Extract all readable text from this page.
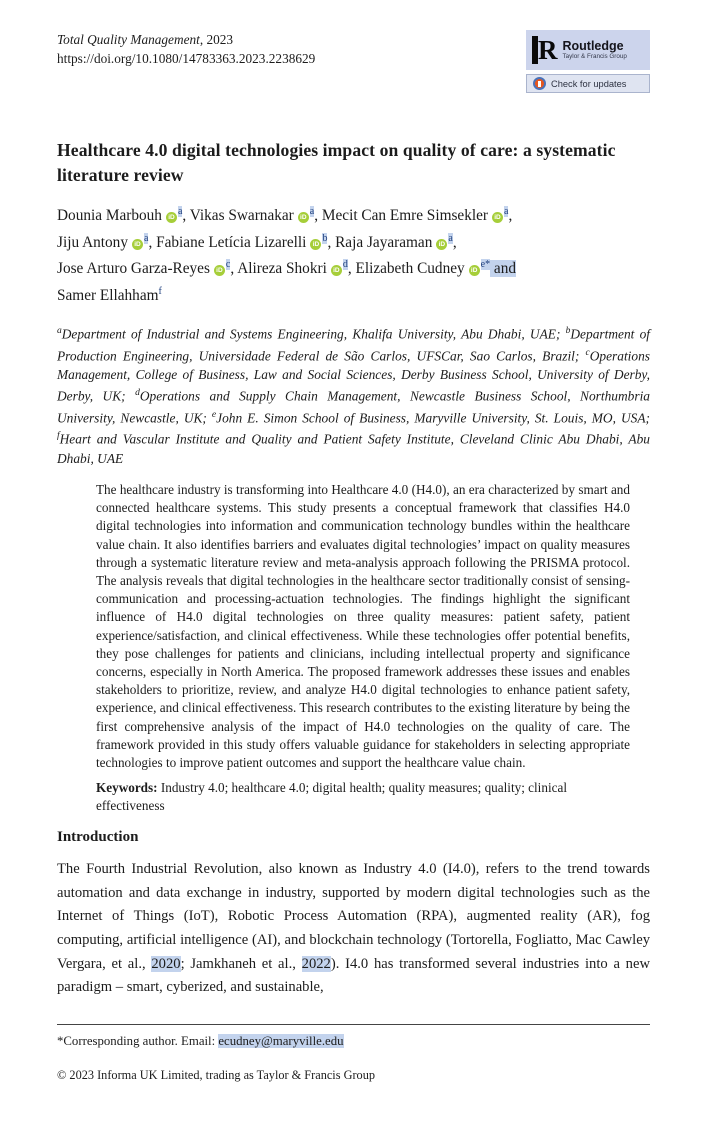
Total Quality Management, 2023
https://doi.org/10.1080/14783363.2023.2238629	R Routledge
Taylor & Francis Group
Check for updates
Healthcare 4.0 digital technologies impact on quality of care: a systematic literature review

Dounia Marbouh iD$^a$, Vikas Swarnakar iD$^a$, Mecit Can Emre Simsekler iD$^a$,
Jiju Antony iD$^a$, Fabiane Letícia Lizarelli iD$^b$, Raja Jayaraman iD$^a$,
Jose Arturo Garza-Reyes iD$^c$, Alireza Shokri iD$^d$, Elizabeth Cudney iD$^{e*}$ and
Samer Ellahham$^f$

$^a$Department of Industrial and Systems Engineering, Khalifa University, Abu Dhabi, UAE; $^b$Department of Production Engineering, Universidade Federal de São Carlos, UFSCar, Sao Carlos, Brazil; $^c$Operations Management, College of Business, Law and Social Sciences, Derby Business School, University of Derby, Derby, UK; $^d$Operations and Supply Chain Management, Newcastle Business School, Northumbria University, Newcastle, UK; $^e$John E. Simon School of Business, Maryville University, St. Louis, MO, USA; $^f$Heart and Vascular Institute and Quality and Patient Safety Institute, Cleveland Clinic Abu Dhabi, Abu Dhabi, UAE

The healthcare industry is transforming into Healthcare 4.0 (H4.0), an era characterized by smart and connected healthcare systems. This study presents a conceptual framework that classifies H4.0 digital technologies into information and communication technology bundles within the healthcare value chain. It also identifies barriers and evaluates digital technologies’ impact on quality measures through a systematic literature review and meta-analysis approach following the PRISMA protocol. The analysis reveals that digital technologies in the healthcare sector traditionally consist of sensing-communication and processing-actuation technologies. The findings highlight the significant influence of H4.0 digital technologies on three quality measures: patient safety, patient experience/satisfaction, and clinical effectiveness. While these technologies offer potential benefits, they pose challenges for patients and clinicians, including intellectual property and significance concerns, especially in North America. The proposed framework addresses these issues and enables stakeholders to prioritize, review, and analyze H4.0 digital technologies to enhance patient safety, experience, and clinical effectiveness. This research contributes to the existing literature by being the first comprehensive analysis of the impact of H4.0 technologies on the quality of care. The framework provided in this study offers valuable guidance for stakeholders in selecting appropriate technologies to improve patient outcomes and support the healthcare value chain.

Keywords: Industry 4.0; healthcare 4.0; digital health; quality measures; quality; clinical effectiveness

Introduction

The Fourth Industrial Revolution, also known as Industry 4.0 (I4.0), refers to the trend towards automation and data exchange in industry, supported by modern digital technologies such as the Internet of Things (IoT), Robotic Process Automation (RPA), augmented reality (AR), fog computing, artificial intelligence (AI), and blockchain technology (Tortorella, Fogliatto, Mac Cawley Vergara, et al., 2020; Jamkhaneh et al., 2022). I4.0 has transformed several industries into a new paradigm – smart, cyberized, and sustainable,

*Corresponding author. Email: ecudney@maryville.edu
© 2023 Informa UK Limited, trading as Taylor & Francis Group
